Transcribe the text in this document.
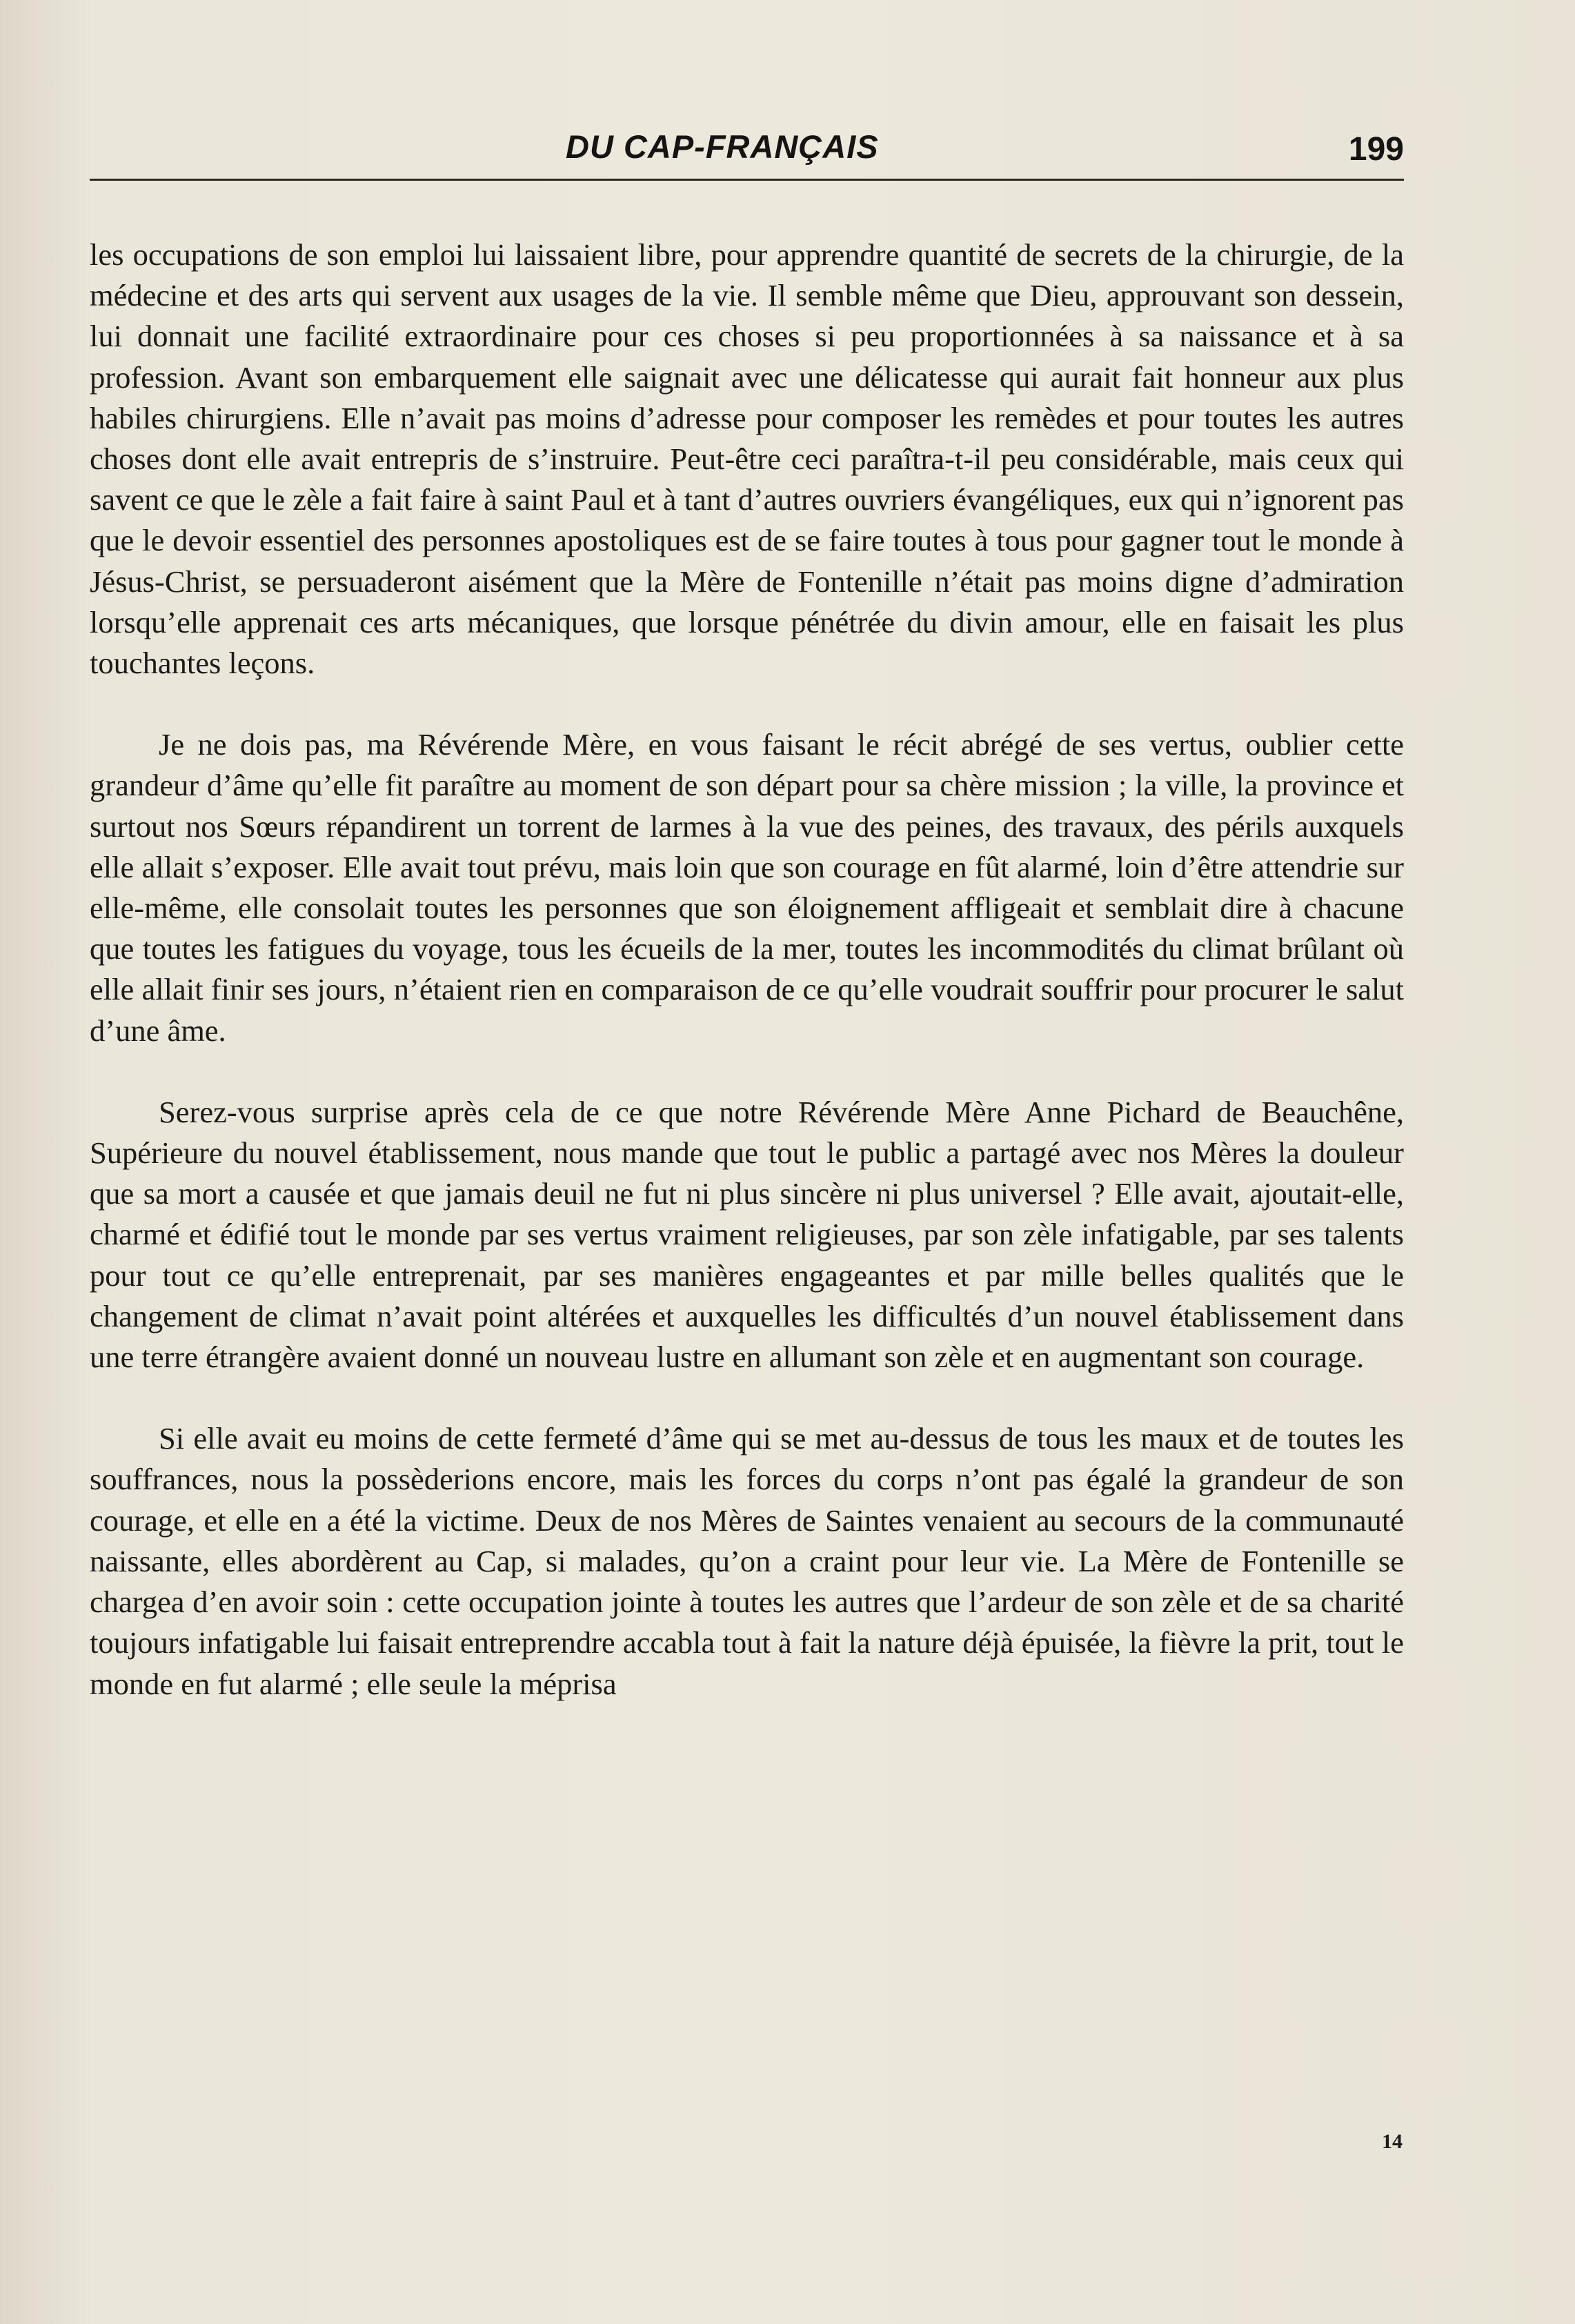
DU CAP-FRANÇAIS	199

les occupations de son emploi lui laissaient libre, pour apprendre quantité de secrets de la chirurgie, de la médecine et des arts qui servent aux usages de la vie. Il semble même que Dieu, approuvant son dessein, lui donnait une facilité extraordinaire pour ces choses si peu proportionnées à sa naissance et à sa profession. Avant son embarquement elle saignait avec une délicatesse qui aurait fait honneur aux plus habiles chirurgiens. Elle n’avait pas moins d’adresse pour composer les remèdes et pour toutes les autres choses dont elle avait entrepris de s’instruire. Peut-être ceci paraîtra-t-il peu considérable, mais ceux qui savent ce que le zèle a fait faire à saint Paul et à tant d’autres ouvriers évangéliques, eux qui n’ignorent pas que le devoir essentiel des personnes apostoliques est de se faire toutes à tous pour gagner tout le monde à Jésus-Christ, se persuaderont aisément que la Mère de Fontenille n’était pas moins digne d’admiration lorsqu’elle apprenait ces arts mécaniques, que lorsque pénétrée du divin amour, elle en faisait les plus touchantes leçons.

Je ne dois pas, ma Révérende Mère, en vous faisant le récit abrégé de ses vertus, oublier cette grandeur d’âme qu’elle fit paraître au moment de son départ pour sa chère mission ; la ville, la province et surtout nos Sœurs répandirent un torrent de larmes à la vue des peines, des travaux, des périls auxquels elle allait s’exposer. Elle avait tout prévu, mais loin que son courage en fût alarmé, loin d’être attendrie sur elle-même, elle consolait toutes les personnes que son éloignement affligeait et semblait dire à chacune que toutes les fatigues du voyage, tous les écueils de la mer, toutes les incommodités du climat brûlant où elle allait finir ses jours, n’étaient rien en comparaison de ce qu’elle voudrait souffrir pour procurer le salut d’une âme.

Serez-vous surprise après cela de ce que notre Révérende Mère Anne Pichard de Beauchêne, Supérieure du nouvel établissement, nous mande que tout le public a partagé avec nos Mères la douleur que sa mort a causée et que jamais deuil ne fut ni plus sincère ni plus universel ? Elle avait, ajoutait-elle, charmé et édifié tout le monde par ses vertus vraiment religieuses, par son zèle infatigable, par ses talents pour tout ce qu’elle entreprenait, par ses manières engageantes et par mille belles qualités que le changement de climat n’avait point altérées et auxquelles les difficultés d’un nouvel établissement dans une terre étrangère avaient donné un nouveau lustre en allumant son zèle et en augmentant son courage.

Si elle avait eu moins de cette fermeté d’âme qui se met au-dessus de tous les maux et de toutes les souffrances, nous la possèderions encore, mais les forces du corps n’ont pas égalé la grandeur de son courage, et elle en a été la victime. Deux de nos Mères de Saintes venaient au secours de la communauté naissante, elles abordèrent au Cap, si malades, qu’on a craint pour leur vie. La Mère de Fontenille se chargea d’en avoir soin : cette occupation jointe à toutes les autres que l’ardeur de son zèle et de sa charité toujours infatigable lui faisait entreprendre accabla tout à fait la nature déjà épuisée, la fièvre la prit, tout le monde en fut alarmé ; elle seule la méprisa

14
